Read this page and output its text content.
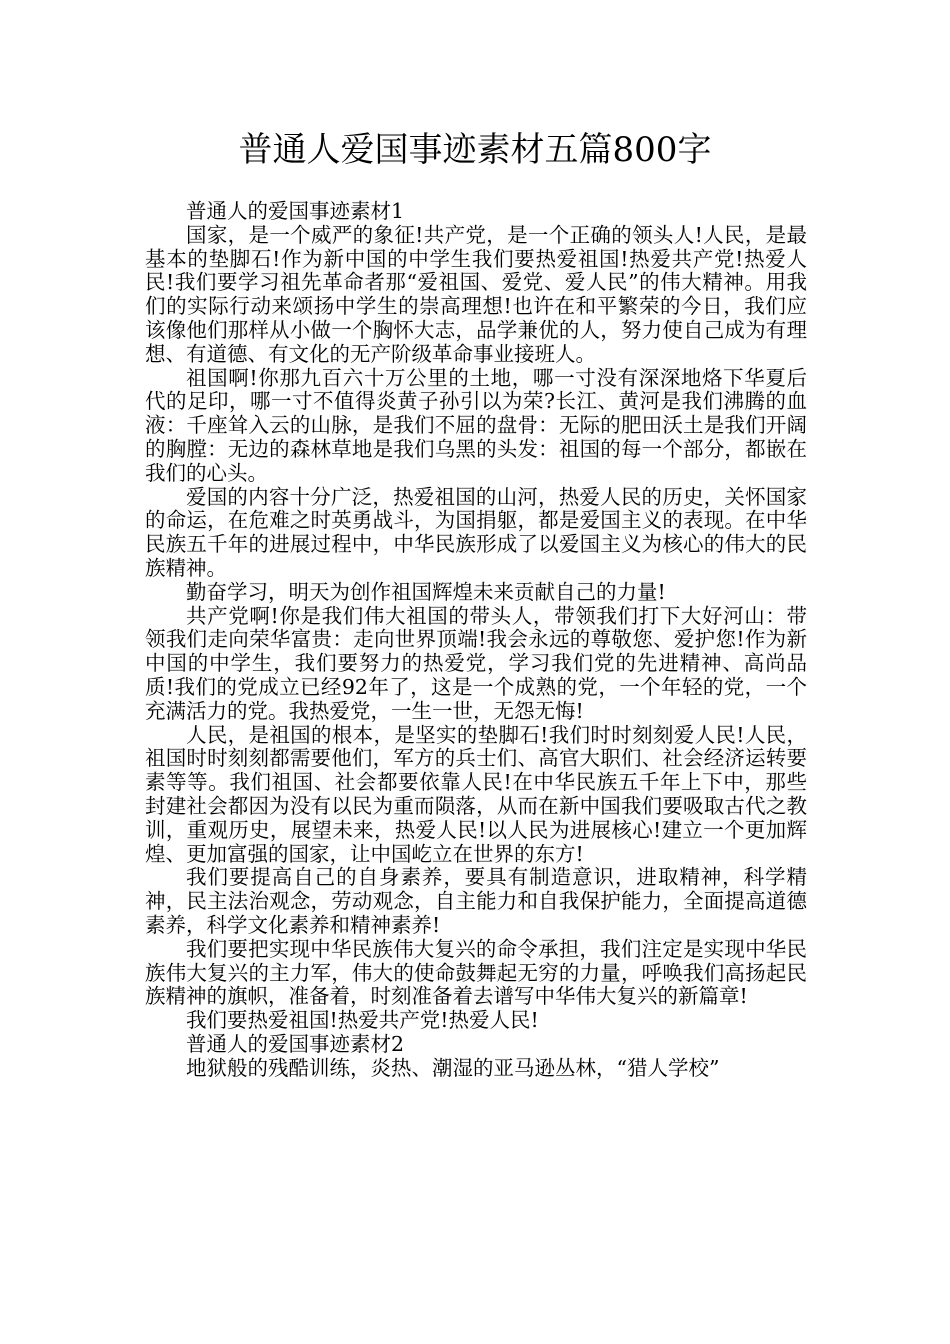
普通人爱国事迹素材五篇800字

普通人的爱国事迹素材1

国家，是一个威严的象征!共产党，是一个正确的领头人!人民，是最基本的垫脚石!作为新中国的中学生我们要热爱祖国!热爱共产党!热爱人民!我们要学习祖先革命者那“爱祖国、爱党、爱人民”的伟大精神。用我们的实际行动来颂扬中学生的崇高理想!也许在和平繁荣的今日，我们应该像他们那样从小做一个胸怀大志，品学兼优的人，努力使自己成为有理想、有道德、有文化的无产阶级革命事业接班人。

祖国啊!你那九百六十万公里的土地，哪一寸没有深深地烙下华夏后代的足印，哪一寸不值得炎黄子孙引以为荣?长江、黄河是我们沸腾的血液：千座耸入云的山脉，是我们不屈的盘骨：无际的肥田沃土是我们开阔的胸膛：无边的森林草地是我们乌黑的头发：祖国的每一个部分，都嵌在我们的心头。

爱国的内容十分广泛，热爱祖国的山河，热爱人民的历史，关怀国家的命运，在危难之时英勇战斗，为国捐躯，都是爱国主义的表现。在中华民族五千年的进展过程中，中华民族形成了以爱国主义为核心的伟大的民族精神。

勤奋学习，明天为创作祖国辉煌未来贡献自己的力量!

共产党啊!你是我们伟大祖国的带头人，带领我们打下大好河山：带领我们走向荣华富贵：走向世界顶端!我会永远的尊敬您、爱护您!作为新中国的中学生，我们要努力的热爱党，学习我们党的先进精神、高尚品质!我们的党成立已经92年了，这是一个成熟的党，一个年轻的党，一个充满活力的党。我热爱党，一生一世，无怨无悔!

人民，是祖国的根本，是坚实的垫脚石!我们时时刻刻爱人民!人民，祖国时时刻刻都需要他们，军方的兵士们、高官大职们、社会经济运转要素等等。我们祖国、社会都要依靠人民!在中华民族五千年上下中，那些封建社会都因为没有以民为重而陨落，从而在新中国我们要吸取古代之教训，重观历史，展望未来，热爱人民!以人民为进展核心!建立一个更加辉煌、更加富强的国家，让中国屹立在世界的东方!

我们要提高自己的自身素养，要具有制造意识，进取精神，科学精神，民主法治观念，劳动观念，自主能力和自我保护能力，全面提高道德素养，科学文化素养和精神素养!

我们要把实现中华民族伟大复兴的命令承担，我们注定是实现中华民族伟大复兴的主力军，伟大的使命鼓舞起无穷的力量，呼唤我们高扬起民族精神的旗帜，准备着，时刻准备着去谱写中华伟大复兴的新篇章!

我们要热爱祖国!热爱共产党!热爱人民!

普通人的爱国事迹素材2

地狱般的残酷训练，炎热、潮湿的亚马逊丛林，“猎人学校”
